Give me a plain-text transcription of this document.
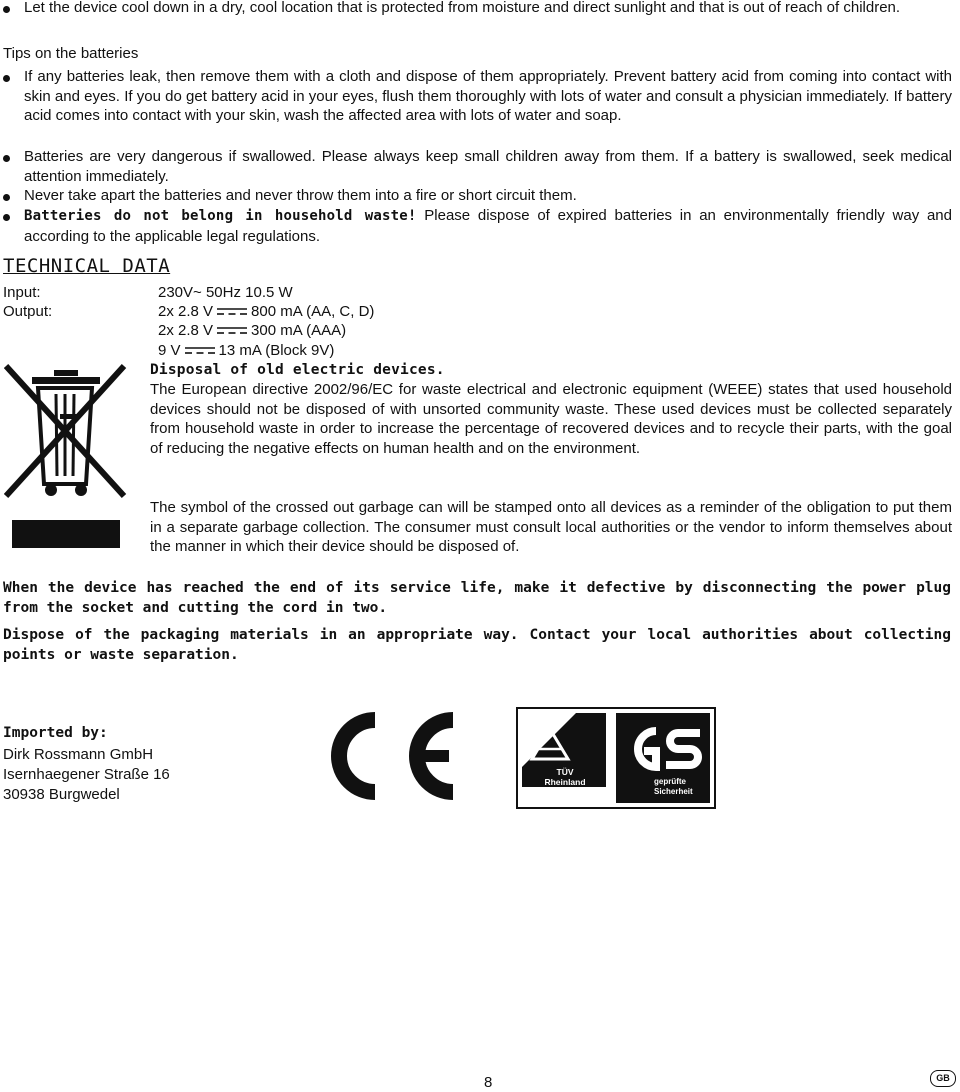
Let the device cool down in a dry, cool location that is protected from moisture and direct sunlight and that is out of reach of children.
Tips on the batteries
If any batteries leak, then remove them with a cloth and dispose of them appropriately. Prevent battery acid from coming into contact with skin and eyes. If you do get battery acid in your eyes, flush them thoroughly with lots of water and consult a physician immediately. If battery acid comes into contact with your skin, wash the affected area with lots of water and soap.
Batteries are very dangerous if swallowed. Please always keep small children away from them. If a battery is swallowed, seek medical attention immediately.
Never take apart the batteries and never throw them into a fire or short circuit them.
Batteries do not belong in household waste! Please dispose of expired batteries in an environmentally friendly way and according to the applicable legal regulations.
TECHNICAL DATA
Input:	230V~ 50Hz 10.5 W
Output:	2x 2.8 V	800 mA (AA, C, D)
2x 2.8 V	300 mA (AAA)
9 V	13 mA (Block 9V)
Disposal of old electric devices.
The European directive 2002/96/EC for waste electrical and electronic equipment (WEEE) states that used household devices should not be disposed of with unsorted community waste. These used devices must be collected separately from household waste in order to increase the percentage of recovered devices and to recycle their parts, with the goal of reducing the negative effects on human health and on the environment.
The symbol of the crossed out garbage can will be stamped onto all devices as a reminder of the obligation to put them in a separate garbage collection. The consumer must consult local authorities or the vendor to inform themselves about the manner in which their device should be disposed of.
When the device has reached the end of its service life, make it defective by disconnecting the power plug from the socket and cutting the cord in two.
Dispose of the packaging materials in an appropriate way. Contact your local authorities about collecting points or waste separation.
Imported by:
Dirk Rossmann GmbH
Isernhaegener Straße 16
30938 Burgwedel
TÜV
Rheinland
Product Safety
geprüfte
Sicherheit
8	GB
